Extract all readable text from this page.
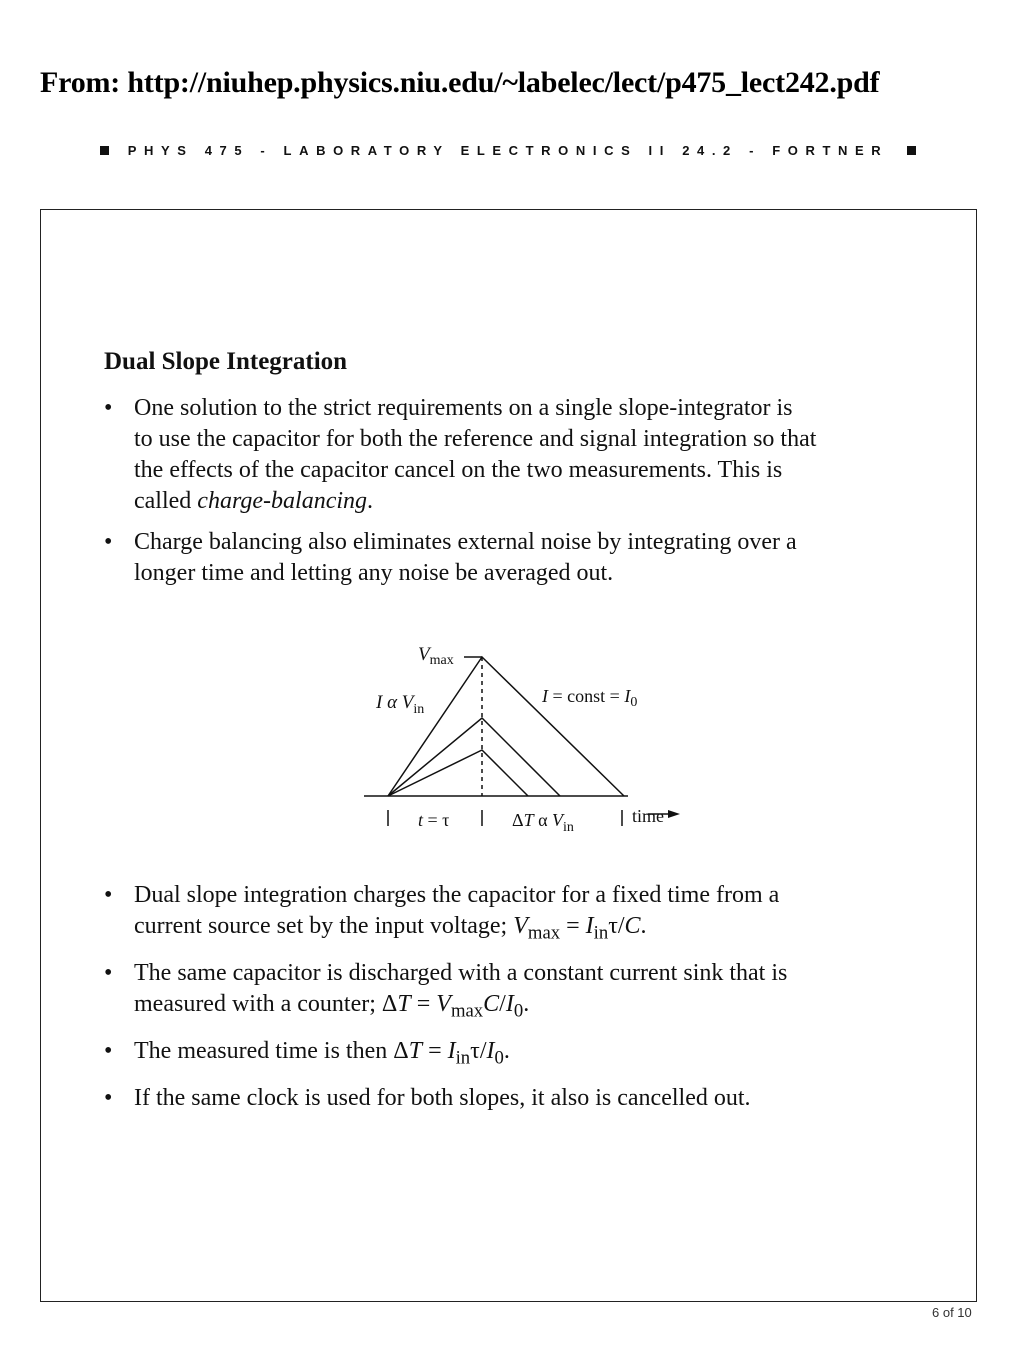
From: http://niuhep.physics.niu.edu/~labelec/lect/p475_lect242.pdf
PHYS 475 - LABORATORY ELECTRONICS II 24.2 - FORTNER
Dual Slope Integration
• One solution to the strict requirements on a single slope-integrator is
to use the capacitor for both the reference and signal integration so that
the effects of the capacitor cancel on the two measurements. This is
called charge-balancing.
• Charge balancing also eliminates external noise by integrating over a
longer time and letting any noise be averaged out.
$V_{max}$
I α $V_{in}$
I = const = $I_0$
t = τ	ΔT α $V_{in}$
time
• Dual slope integration charges the capacitor for a fixed time from a
current source set by the input voltage; $V_{max} = I_{in}\tau/C$.
• The same capacitor is discharged with a constant current sink that is
measured with a counter; $\Delta T = V_{max}C/I_0$.
• The measured time is then $\Delta T = I_{in}\tau/I_0$.
• If the same clock is used for both slopes, it also is cancelled out.
6 of 10
